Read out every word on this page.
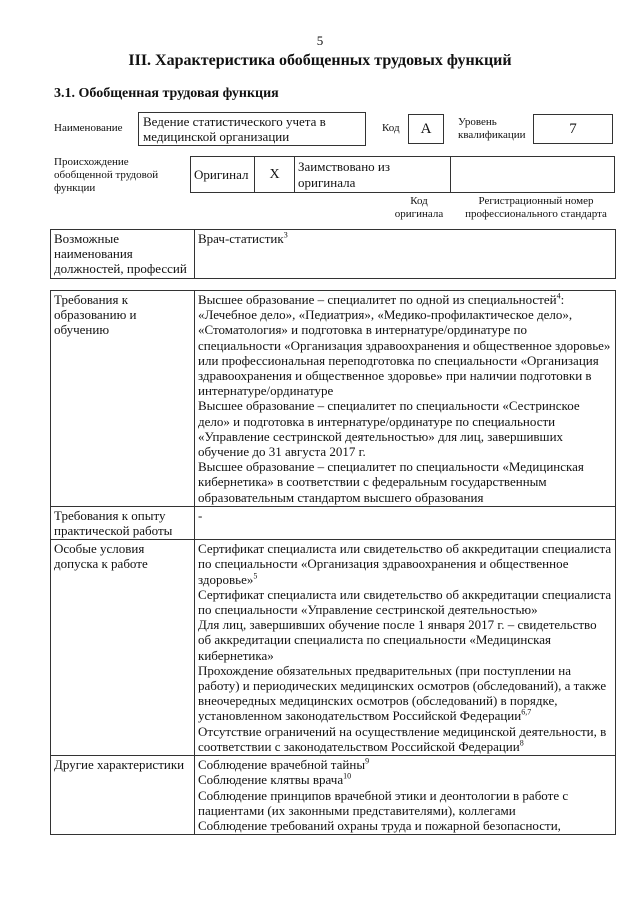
5
III. Характеристика обобщенных трудовых функций
3.1. Обобщенная трудовая функция
Наименование	Ведение статистического учета в медицинской организации
Код	А	Уровень квалификации	7
Происхождение обобщенной трудовой функции
Оригинал	Х	Заимствовано из оригинала	
Код оригинала
Регистрационный номер профессионального стандарта
Возможные наименования должностей, профессий	Врач-статистик$^3$
Требования к образованию и обучению	Высшее образование – специалитет по одной из специальностей$^4$: «Лечебное дело», «Педиатрия», «Медико-профилактическое дело», «Стоматология» и подготовка в интернатуре/ординатуре по специальности «Организация здравоохранения и общественное здоровье» или профессиональная переподготовка по специальности «Организация здравоохранения и общественное здоровье» при наличии подготовки в интернатуре/ординатуре
Высшее образование – специалитет по специальности «Сестринское дело» и подготовка в интернатуре/ординатуре по специальности «Управление сестринской деятельностью» для лиц, завершивших обучение до 31 августа 2017 г.
Высшее образование – специалитет по специальности «Медицинская кибернетика» в соответствии с федеральным государственным образовательным стандартом высшего образования

Требования к опыту практической работы	-

Особые условия допуска к работе	Сертификат специалиста или свидетельство об аккредитации специалиста по специальности «Организация здравоохранения и общественное здоровье»$^5$
Сертификат специалиста или свидетельство об аккредитации специалиста по специальности «Управление сестринской деятельностью»
Для лиц, завершивших обучение после 1 января 2017 г. – свидетельство об аккредитации специалиста по специальности «Медицинская кибернетика»
Прохождение обязательных предварительных (при поступлении на работу) и периодических медицинских осмотров (обследований), а также внеочередных медицинских осмотров (обследований) в порядке, установленном законодательством Российской Федерации$^{6,7}$
Отсутствие ограничений на осуществление медицинской деятельности, в соответствии с законодательством Российской Федерации$^8$

Другие характеристики	Соблюдение врачебной тайны$^9$
Соблюдение клятвы врача$^{10}$
Соблюдение принципов врачебной этики и деонтологии в работе с пациентами (их законными представителями), коллегами
Соблюдение требований охраны труда и пожарной безопасности,
